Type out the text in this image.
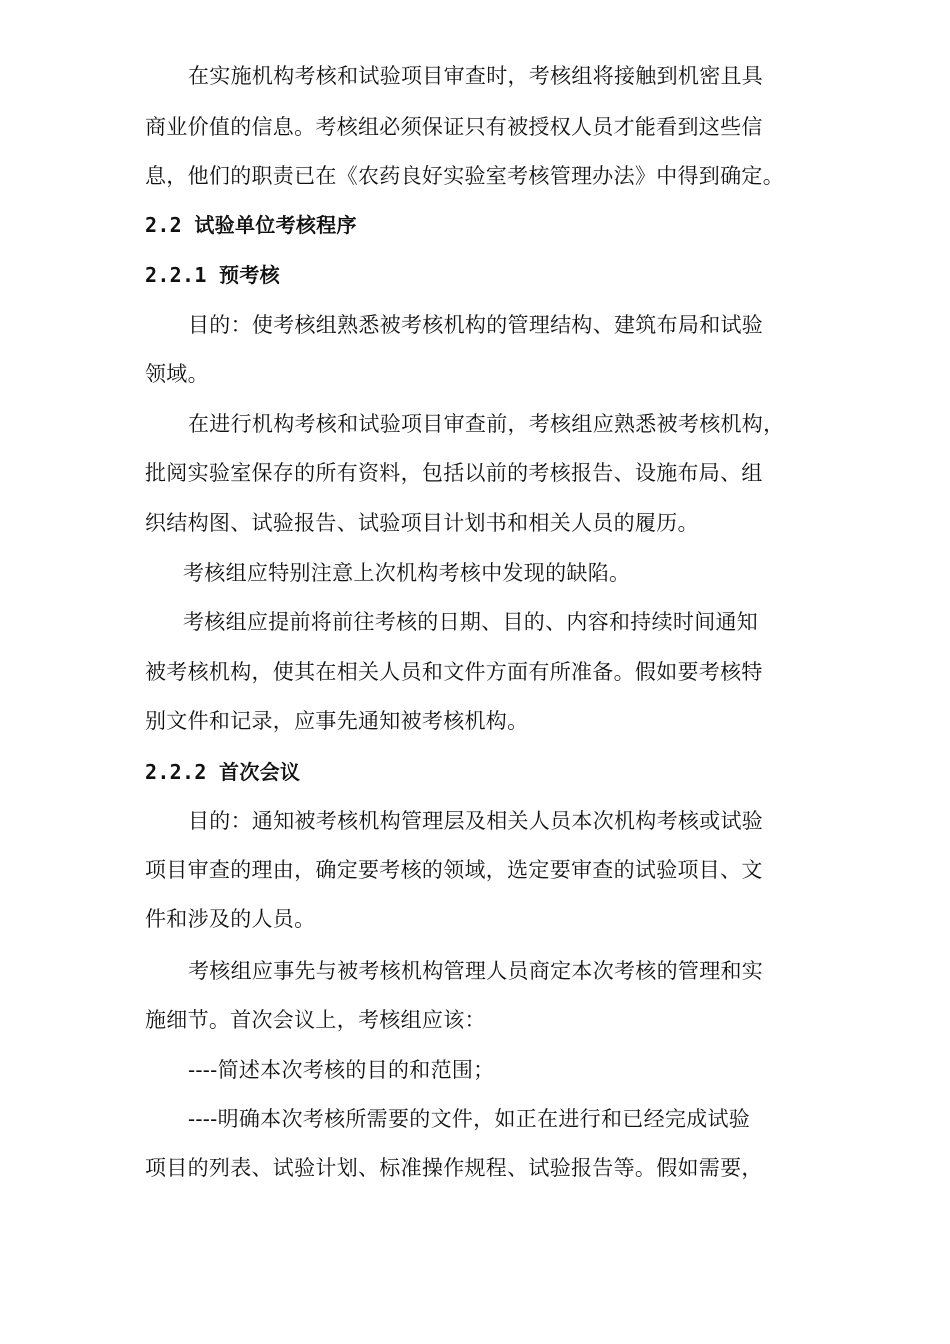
在实施机构考核和试验项目审查时，考核组将接触到机密且具
商业价值的信息。考核组必须保证只有被授权人员才能看到这些信
息，他们的职责已在《农药良好实验室考核管理办法》中得到确定。
2.2 试验单位考核程序
2.2.1 预考核
目的：使考核组熟悉被考核机构的管理结构、建筑布局和试验
领域。
在进行机构考核和试验项目审查前，考核组应熟悉被考核机构，
批阅实验室保存的所有资料，包括以前的考核报告、设施布局、组
织结构图、试验报告、试验项目计划书和相关人员的履历。
考核组应特别注意上次机构考核中发现的缺陷。
考核组应提前将前往考核的日期、目的、内容和持续时间通知
被考核机构，使其在相关人员和文件方面有所准备。假如要考核特
别文件和记录，应事先通知被考核机构。
2.2.2 首次会议
目的：通知被考核机构管理层及相关人员本次机构考核或试验
项目审查的理由，确定要考核的领域，选定要审查的试验项目、文
件和涉及的人员。
考核组应事先与被考核机构管理人员商定本次考核的管理和实
施细节。首次会议上，考核组应该：
----简述本次考核的目的和范围；
----明确本次考核所需要的文件，如正在进行和已经完成试验
项目的列表、试验计划、标准操作规程、试验报告等。假如需要，
